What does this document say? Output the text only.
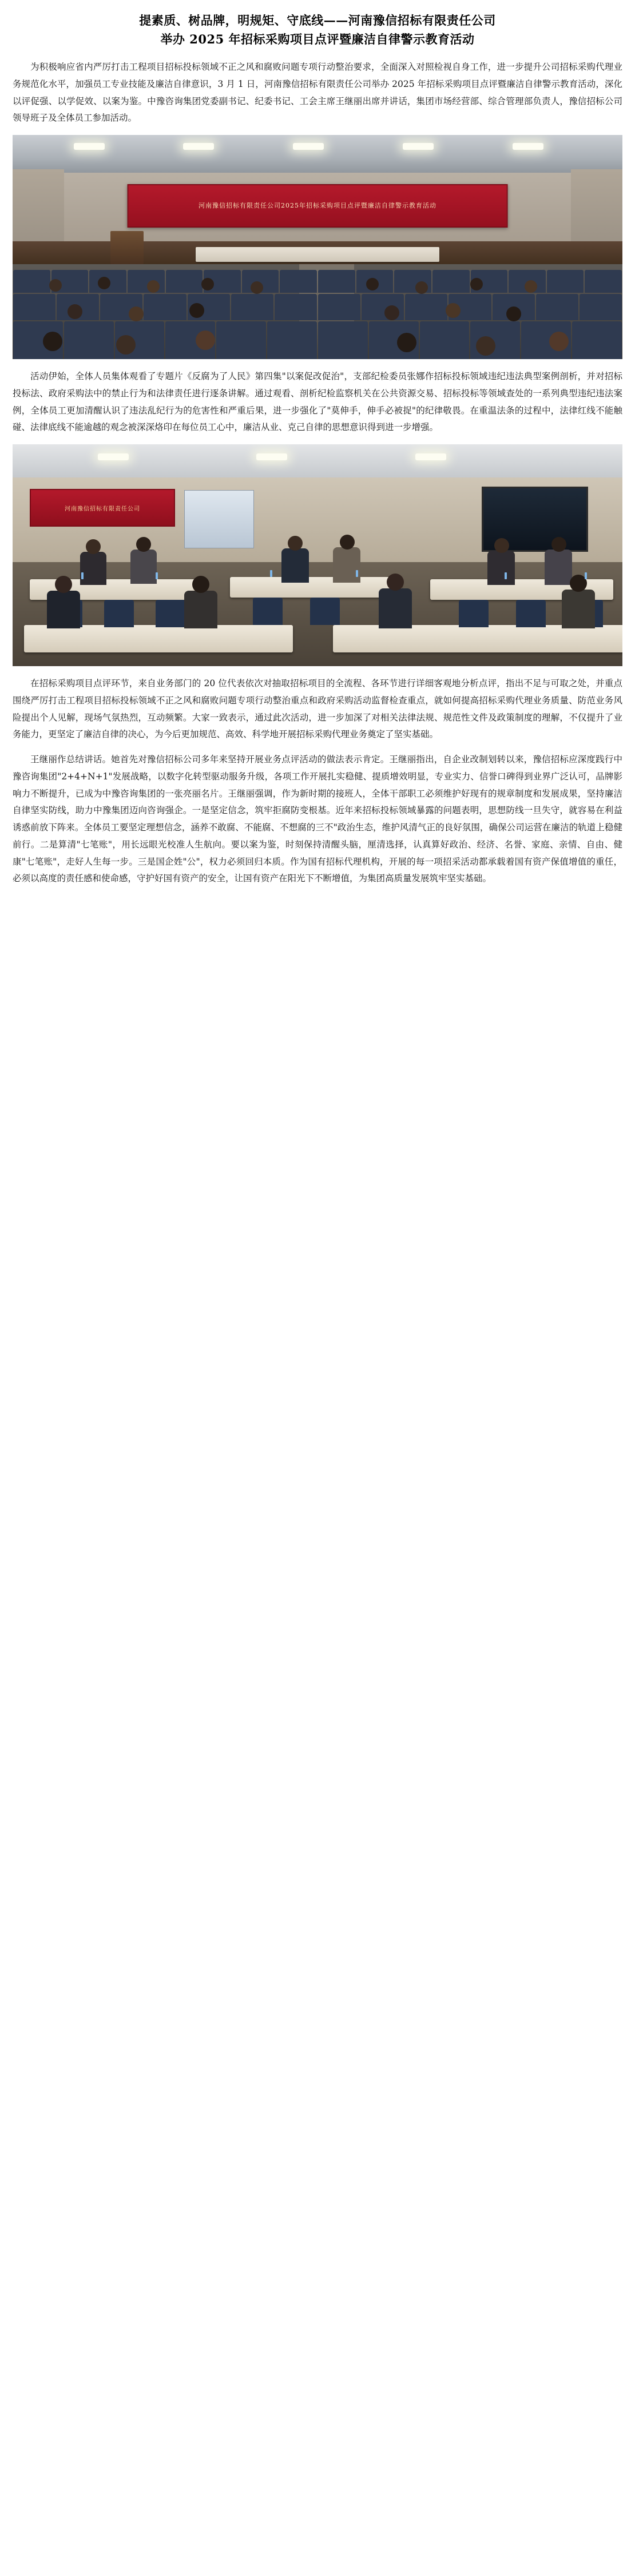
提素质、树品牌，明规矩、守底线——河南豫信招标有限责任公司
举办 2025 年招标采购项目点评暨廉洁自律警示教育活动

为积极响应省内严厉打击工程项目招标投标领域不正之风和腐败问题专项行动整治要求，全面深入对照检视自身工作，进一步提升公司招标采购代理业务规范化水平，加强员工专业技能及廉洁自律意识，3 月 1 日，河南豫信招标有限责任公司举办 2025 年招标采购项目点评暨廉洁自律警示教育活动，深化以评促强、以学促效、以案为鉴。中豫咨询集团党委副书记、纪委书记、工会主席王继丽出席并讲话，集团市场经营部、综合管理部负责人，豫信招标公司领导班子及全体员工参加活动。

河南豫信招标有限责任公司2025年招标采购项目点评暨廉洁自律警示教育活动

活动伊始，全体人员集体观看了专题片《反腐为了人民》第四集"以案促改促治"，支部纪检委员张娜作招标投标领域违纪违法典型案例剖析，并对招标投标法、政府采购法中的禁止行为和法律责任进行逐条讲解。通过观看、剖析纪检监察机关在公共资源交易、招标投标等领域查处的一系列典型违纪违法案例，全体员工更加清醒认识了违法乱纪行为的危害性和严重后果，进一步强化了"莫伸手，伸手必被捉"的纪律敬畏。在重温法条的过程中，法律红线不能触碰、法律底线不能逾越的观念被深深烙印在每位员工心中，廉洁从业、克己自律的思想意识得到进一步增强。

河南豫信招标有限责任公司

在招标采购项目点评环节，来自业务部门的 20 位代表依次对抽取招标项目的全流程、各环节进行详细客观地分析点评，指出不足与可取之处，并重点围绕严厉打击工程项目招标投标领域不正之风和腐败问题专项行动整治重点和政府采购活动监督检查重点，就如何提高招标采购代理业务质量、防范业务风险提出个人见解，现场气氛热烈，互动频繁。大家一致表示，通过此次活动，进一步加深了对相关法律法规、规范性文件及政策制度的理解，不仅提升了业务能力，更坚定了廉洁自律的决心，为今后更加规范、高效、科学地开展招标采购代理业务奠定了坚实基础。

王继丽作总结讲话。她首先对豫信招标公司多年来坚持开展业务点评活动的做法表示肯定。王继丽指出，自企业改制划转以来，豫信招标应深度践行中豫咨询集团"2+4+N+1"发展战略，以数字化转型驱动服务升级，各项工作开展扎实稳健、提质增效明显，专业实力、信誉口碑得到业界广泛认可，品牌影响力不断提升，已成为中豫咨询集团的一张亮丽名片。王继丽强调，作为新时期的接班人，全体干部职工必须维护好现有的规章制度和发展成果，坚持廉洁自律坚实防线，助力中豫集团迈向咨询强企。一是坚定信念，筑牢拒腐防变根基。近年来招标投标领域暴露的问题表明，思想防线一旦失守，就容易在利益诱惑前放下阵来。全体员工要坚定理想信念，涵养不敢腐、不能腐、不想腐的三不"政治生态，维护风清气正的良好氛围，确保公司运营在廉洁的轨道上稳健前行。二是算清"七笔账"，用长远眼光校准人生航向。要以案为鉴，时刻保持清醒头脑，厘清选择，认真算好政治、经济、名誉、家庭、亲情、自由、健康"七笔账"，走好人生每一步。三是国企姓"公"，权力必须回归本质。作为国有招标代理机构，开展的每一项招采活动都承载着国有资产保值增值的重任，必须以高度的责任感和使命感，守护好国有资产的安全，让国有资产在阳光下不断增值，为集团高质量发展筑牢坚实基础。
